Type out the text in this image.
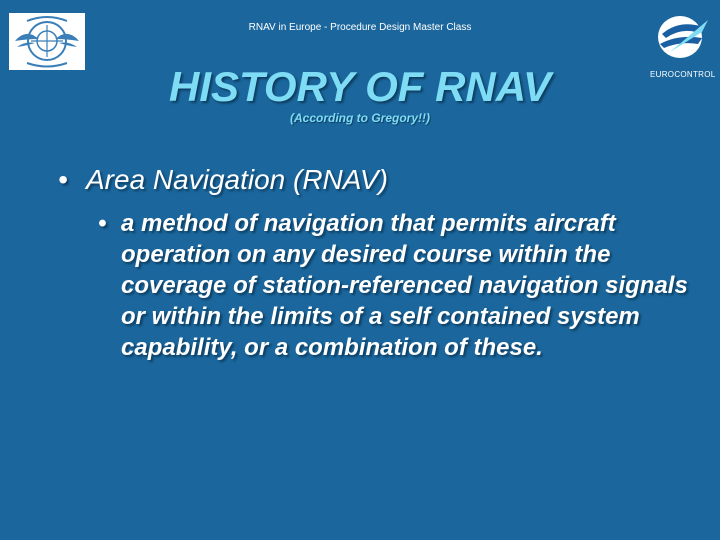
RNAV in Europe - Procedure Design Master Class
EUROCONTROL
HISTORY OF RNAV
(According to Gregory!!)
• Area Navigation (RNAV)
• a method of navigation that permits aircraft operation on any desired course within the coverage of station-referenced navigation signals or within the limits of a self contained system capability, or a combination of these.
